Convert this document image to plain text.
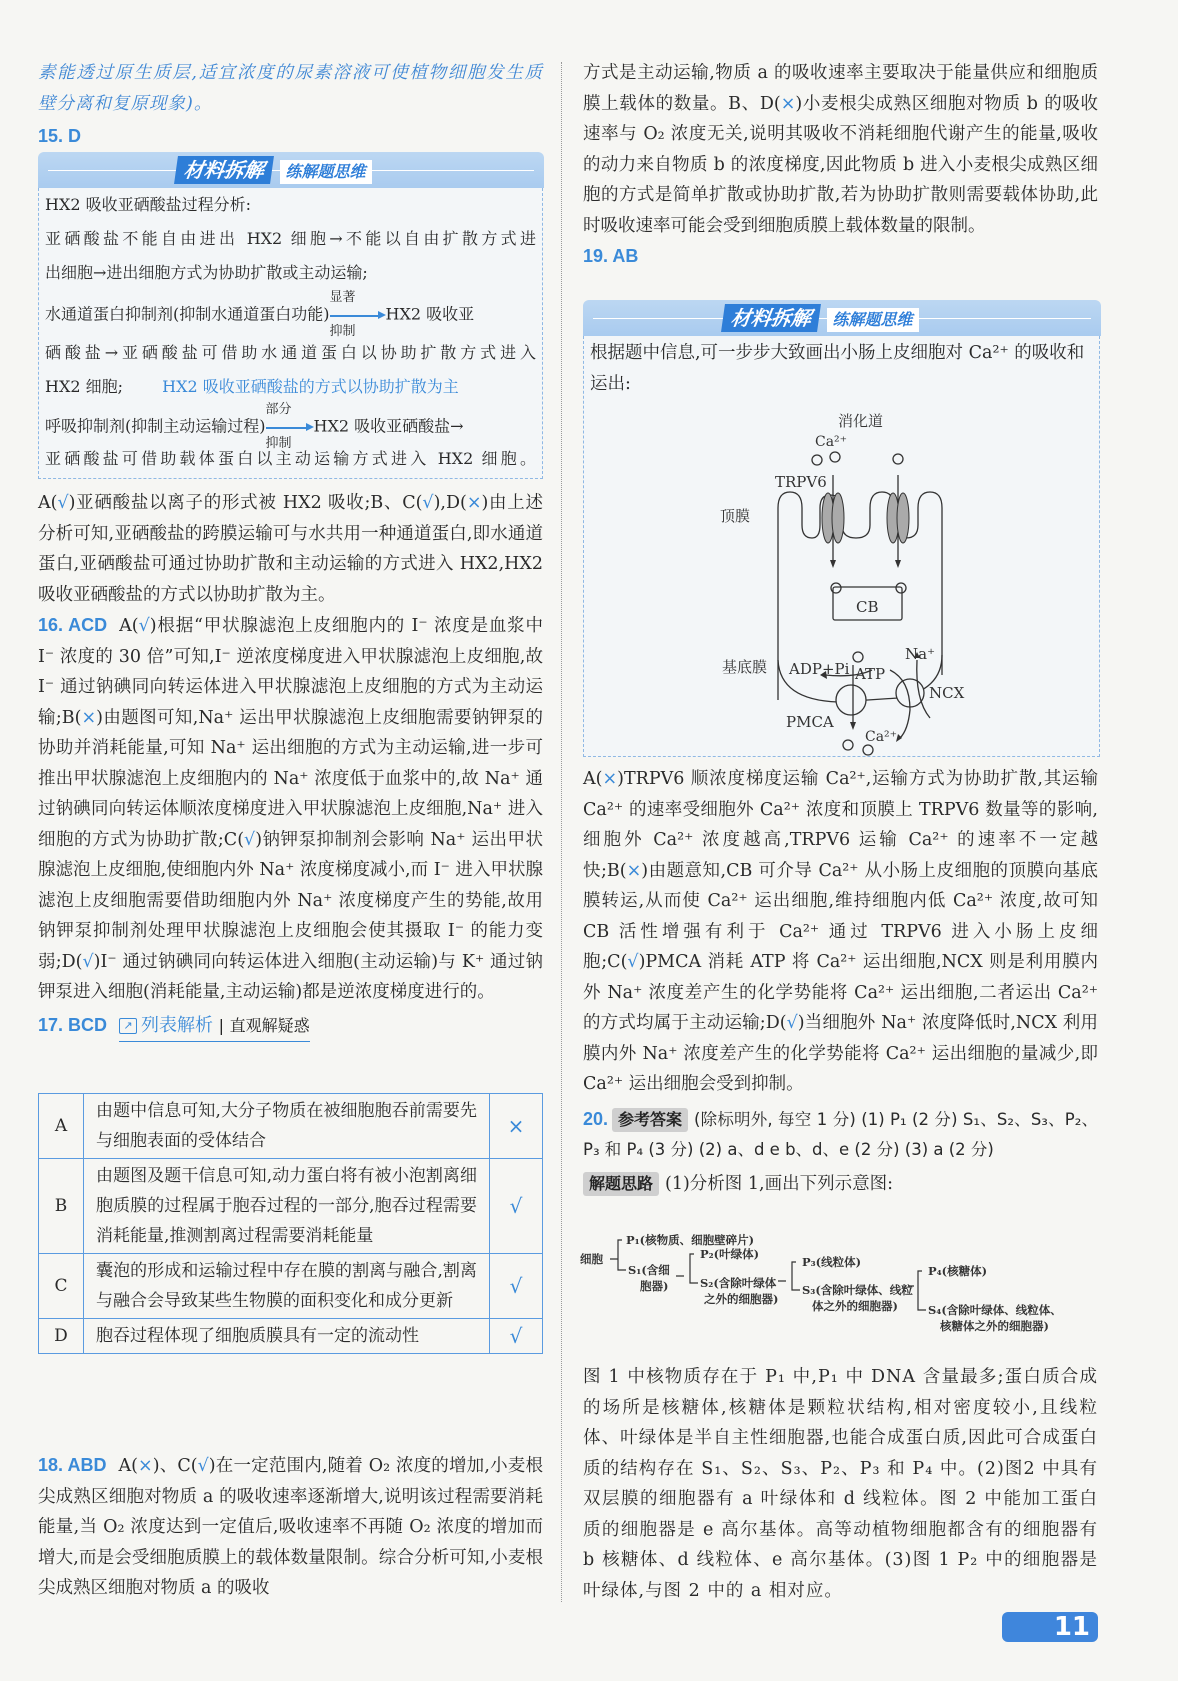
素能透过原生质层,适宜浓度的尿素溶液可使植物细胞发生质壁分离和复原现象)。

15. D
材料拆解	练解题思维
HX2 吸收亚硒酸盐过程分析:
亚硒酸盐不能自由进出 HX2 细胞→不能以自由扩散方式进
出细胞→进出细胞方式为协助扩散或主动运输;
水通道蛋白抑制剂(抑制水通道蛋白功能)
显著
抑制
HX2 吸收亚
硒酸盐→亚硒酸盐可借助水通道蛋白以协助扩散方式进入
HX2 细胞; HX2 吸收亚硒酸盐的方式以协助扩散为主
呼吸抑制剂(抑制主动运输过程)
部分
抑制
HX2 吸收亚硒酸盐→
亚硒酸盐可借助载体蛋白以主动运输方式进入 HX2 细胞。

A(√)亚硒酸盐以离子的形式被 HX2 吸收;B、C(√),D(×)由上述分析可知,亚硒酸盐的跨膜运输可与水共用一种通道蛋白,即水通道蛋白,亚硒酸盐可通过协助扩散和主动运输的方式进入 HX2,HX2 吸收亚硒酸盐的方式以协助扩散为主。

16. ACD A(√)根据“甲状腺滤泡上皮细胞内的 I⁻ 浓度是血浆中 I⁻ 浓度的 30 倍”可知,I⁻ 逆浓度梯度进入甲状腺滤泡上皮细胞,故 I⁻ 通过钠碘同向转运体进入甲状腺滤泡上皮细胞的方式为主动运输;B(×)由题图可知,Na⁺ 运出甲状腺滤泡上皮细胞需要钠钾泵的协助并消耗能量,可知 Na⁺ 运出细胞的方式为主动运输,进一步可推出甲状腺滤泡上皮细胞内的 Na⁺ 浓度低于血浆中的,故 Na⁺ 通过钠碘同向转运体顺浓度梯度进入甲状腺滤泡上皮细胞,Na⁺ 进入细胞的方式为协助扩散;C(√)钠钾泵抑制剂会影响 Na⁺ 运出甲状腺滤泡上皮细胞,使细胞内外 Na⁺ 浓度梯度减小,而 I⁻ 进入甲状腺滤泡上皮细胞需要借助细胞内外 Na⁺ 浓度梯度产生的势能,故用钠钾泵抑制剂处理甲状腺滤泡上皮细胞会使其摄取 I⁻ 的能力变弱;D(√)I⁻ 通过钠碘同向转运体进入细胞(主动运输)与 K⁺ 通过钠钾泵进入细胞(消耗能量,主动运输)都是逆浓度梯度进行的。

17. BCD ↗ 列表解析 | 直观解疑惑

A	由题中信息可知,大分子物质在被细胞胞吞前需要先与细胞表面的受体结合	×
B	由题图及题干信息可知,动力蛋白将有被小泡割离细胞质膜的过程属于胞吞过程的一部分,胞吞过程需要消耗能量,推测割离过程需要消耗能量	√
C	囊泡的形成和运输过程中存在膜的割离与融合,割离与融合会导致某些生物膜的面积变化和成分更新	√
D	胞吞过程体现了细胞质膜具有一定的流动性	√

18. ABD A(×)、C(√)在一定范围内,随着 O₂ 浓度的增加,小麦根尖成熟区细胞对物质 a 的吸收速率逐渐增大,说明该过程需要消耗能量,当 O₂ 浓度达到一定值后,吸收速率不再随 O₂ 浓度的增加而增大,而是会受细胞质膜上的载体数量限制。综合分析可知,小麦根尖成熟区细胞对物质 a 的吸收

方式是主动运输,物质 a 的吸收速率主要取决于能量供应和细胞质膜上载体的数量。B、D(×)小麦根尖成熟区细胞对物质 b 的吸收速率与 O₂ 浓度无关,说明其吸收不消耗细胞代谢产生的能量,吸收的动力来自物质 b 的浓度梯度,因此物质 b 进入小麦根尖成熟区细胞的方式是简单扩散或协助扩散,若为协助扩散则需要载体协助,此时吸收速率可能会受到细胞质膜上载体数量的限制。

19. AB
材料拆解	练解题思维

根据题中信息,可一步步大致画出小肠上皮细胞对 Ca²⁺ 的吸收和运出:

消化道
Ca²⁺
TRPV6
顶膜
CB
基底膜 ADP+Pi ATP
Na⁺
NCX
PMCA
Ca²⁺

A(×)TRPV6 顺浓度梯度运输 Ca²⁺,运输方式为协助扩散,其运输 Ca²⁺ 的速率受细胞外 Ca²⁺ 浓度和顶膜上 TRPV6 数量等的影响,细胞外 Ca²⁺ 浓度越高,TRPV6 运输 Ca²⁺ 的速率不一定越快;B(×)由题意知,CB 可介导 Ca²⁺ 从小肠上皮细胞的顶膜向基底膜转运,从而使 Ca²⁺ 运出细胞,维持细胞内低 Ca²⁺ 浓度,故可知 CB 活性增强有利于 Ca²⁺ 通过 TRPV6 进入小肠上皮细胞;C(√)PMCA 消耗 ATP 将 Ca²⁺ 运出细胞,NCX 则是利用膜内外 Na⁺ 浓度差产生的化学势能将 Ca²⁺ 运出细胞,二者运出 Ca²⁺ 的方式均属于主动运输;D(√)当细胞外 Na⁺ 浓度降低时,NCX 利用膜内外 Na⁺ 浓度差产生的化学势能将 Ca²⁺ 运出细胞的量减少,即 Ca²⁺ 运出细胞会受到抑制。

20. 参考答案 (除标明外, 每空 1 分) (1) P₁ (2 分) S₁、S₂、S₃、P₂、P₃ 和 P₄ (3 分) (2) a、d e b、d、e (2 分) (3) a (2 分)

解题思路 (1)分析图 1,画出下列示意图:

细胞
P₁(核物质、细胞壁碎片)
S₁(含细
胞器)
P₂(叶绿体)
S₂(含除叶绿体
之外的细胞器)
P₃(线粒体)
S₃(含除叶绿体、线粒
体之外的细胞器)
P₄(核糖体)
S₄(含除叶绿体、线粒体、
核糖体之外的细胞器)

图 1 中核物质存在于 P₁ 中,P₁ 中 DNA 含量最多;蛋白质合成的场所是核糖体,核糖体是颗粒状结构,相对密度较小,且线粒体、叶绿体是半自主性细胞器,也能合成蛋白质,因此可合成蛋白质的结构存在 S₁、S₂、S₃、P₂、P₃ 和 P₄ 中。(2)图2 中具有双层膜的细胞器有 a 叶绿体和 d 线粒体。图 2 中能加工蛋白质的细胞器是 e 高尔基体。高等动植物细胞都含有的细胞器有 b 核糖体、d 线粒体、e 高尔基体。(3)图 1 P₂ 中的细胞器是叶绿体,与图 2 中的 a 相对应。

11
